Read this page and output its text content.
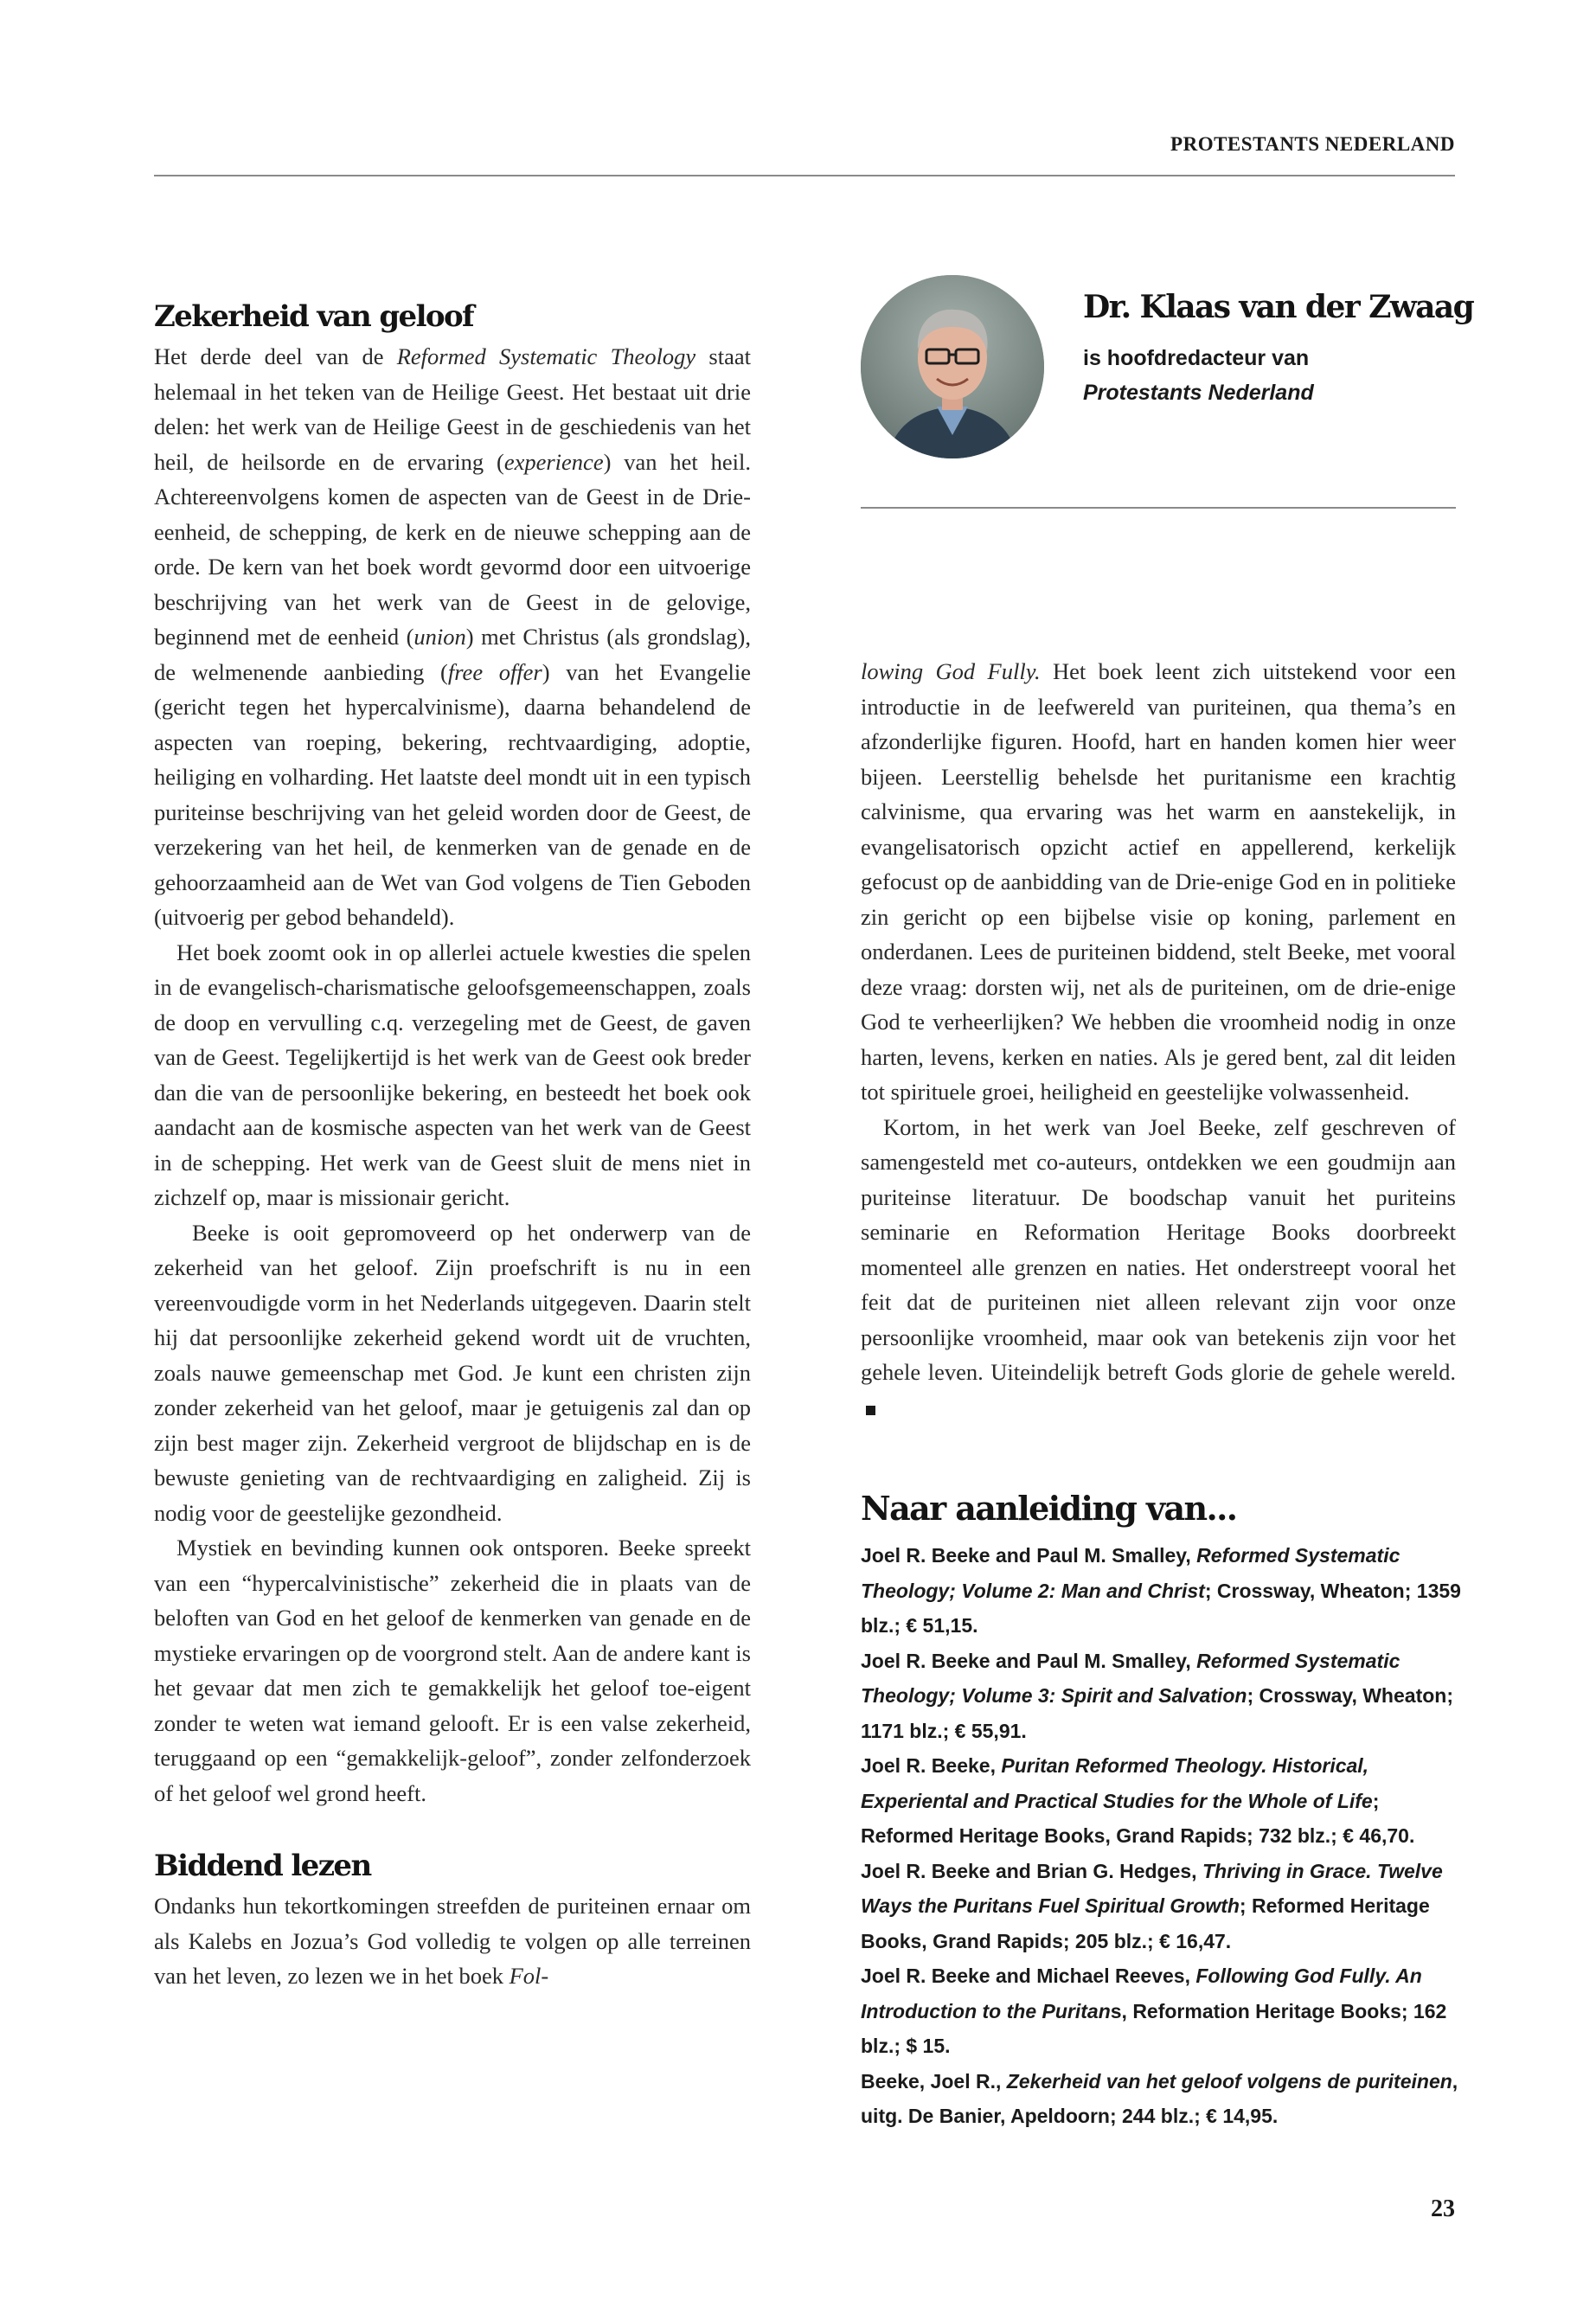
PROTESTANTS NEDERLAND
Dr. Klaas van der Zwaag
is hoofdredacteur van
Protestants Nederland
Zekerheid van geloof

Het derde deel van de Reformed Systematic Theology staat helemaal in het teken van de Heilige Geest. Het bestaat uit drie delen: het werk van de Heilige Geest in de geschiedenis van het heil, de heilsorde en de ervaring (experience) van het heil. Achtereenvolgens komen de aspecten van de Geest in de Drie-eenheid, de schepping, de kerk en de nieuwe schepping aan de orde. De kern van het boek wordt gevormd door een uitvoerige beschrijving van het werk van de Geest in de gelovige, beginnend met de eenheid (union) met Christus (als grondslag), de welmenende aanbieding (free offer) van het Evangelie (gericht tegen het hypercalvinisme), daarna behandelend de aspecten van roeping, bekering, rechtvaardiging, adoptie, heiliging en volharding. Het laatste deel mondt uit in een typisch puriteinse beschrijving van het geleid worden door de Geest, de verzekering van het heil, de kenmerken van de genade en de gehoorzaamheid aan de Wet van God volgens de Tien Geboden (uitvoerig per gebod behandeld).

Het boek zoomt ook in op allerlei actuele kwesties die spelen in de evangelisch-charismatische geloofsgemeenschappen, zoals de doop en vervulling c.q. verzegeling met de Geest, de gaven van de Geest. Tegelijkertijd is het werk van de Geest ook breder dan die van de persoonlijke bekering, en besteedt het boek ook aandacht aan de kosmische aspecten van het werk van de Geest in de schepping. Het werk van de Geest sluit de mens niet in zichzelf op, maar is missionair gericht.

Beeke is ooit gepromoveerd op het onderwerp van de zekerheid van het geloof. Zijn proefschrift is nu in een vereenvoudigde vorm in het Nederlands uitgegeven. Daarin stelt hij dat persoonlijke zekerheid gekend wordt uit de vruchten, zoals nauwe gemeenschap met God. Je kunt een christen zijn zonder zekerheid van het geloof, maar je getuigenis zal dan op zijn best mager zijn. Zekerheid vergroot de blijdschap en is de bewuste genieting van de rechtvaardiging en zaligheid. Zij is nodig voor de geestelijke gezondheid.

Mystiek en bevinding kunnen ook ontsporen. Beeke spreekt van een “hypercalvinistische” zekerheid die in plaats van de beloften van God en het geloof de kenmerken van genade en de mystieke ervaringen op de voorgrond stelt. Aan de andere kant is het gevaar dat men zich te gemakkelijk het geloof toe-eigent zonder te weten wat iemand gelooft. Er is een valse zekerheid, teruggaand op een “gemakkelijk-geloof”, zonder zelfonderzoek of het geloof wel grond heeft.

Biddend lezen

Ondanks hun tekortkomingen streefden de puriteinen ernaar om als Kalebs en Jozua’s God volledig te volgen op alle terreinen van het leven, zo lezen we in het boek Fol-

lowing God Fully. Het boek leent zich uitstekend voor een introductie in de leefwereld van puriteinen, qua thema’s en afzonderlijke figuren. Hoofd, hart en handen komen hier weer bijeen. Leerstellig behelsde het puritanisme een krachtig calvinisme, qua ervaring was het warm en aanstekelijk, in evangelisatorisch opzicht actief en appellerend, kerkelijk gefocust op de aanbidding van de Drie-enige God en in politieke zin gericht op een bijbelse visie op koning, parlement en onderdanen. Lees de puriteinen biddend, stelt Beeke, met vooral deze vraag: dorsten wij, net als de puriteinen, om de drie-enige God te verheerlijken? We hebben die vroomheid nodig in onze harten, levens, kerken en naties. Als je gered bent, zal dit leiden tot spirituele groei, heiligheid en geestelijke volwassenheid.

Kortom, in het werk van Joel Beeke, zelf geschreven of samengesteld met co-auteurs, ontdekken we een goudmijn aan puriteinse literatuur. De boodschap vanuit het puriteins seminarie en Reformation Heritage Books doorbreekt momenteel alle grenzen en naties. Het onderstreept vooral het feit dat de puriteinen niet alleen relevant zijn voor onze persoonlijke vroomheid, maar ook van betekenis zijn voor het gehele leven. Uiteindelijk betreft Gods glorie de gehele wereld.

Naar aanleiding van...

Joel R. Beeke and Paul M. Smalley, Reformed Systematic Theology; Volume 2: Man and Christ; Crossway, Wheaton; 1359 blz.; € 51,15.

Joel R. Beeke and Paul M. Smalley, Reformed Systematic Theology; Volume 3: Spirit and Salvation; Crossway, Wheaton; 1171 blz.; € 55,91.

Joel R. Beeke, Puritan Reformed Theology. Historical, Experiental and Practical Studies for the Whole of Life; Reformed Heritage Books, Grand Rapids; 732 blz.; € 46,70.

Joel R. Beeke and Brian G. Hedges, Thriving in Grace. Twelve Ways the Puritans Fuel Spiritual Growth; Reformed Heritage Books, Grand Rapids; 205 blz.; € 16,47.

Joel R. Beeke and Michael Reeves, Following God Fully. An Introduction to the Puritans, Reformation Heritage Books; 162 blz.; $ 15.

Beeke, Joel R., Zekerheid van het geloof volgens de puriteinen, uitg. De Banier, Apeldoorn; 244 blz.; € 14,95.

23
